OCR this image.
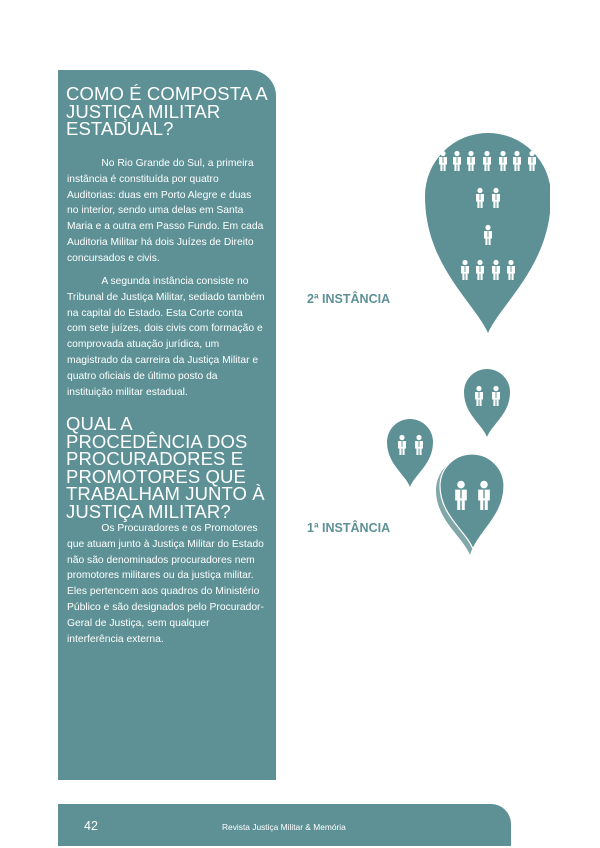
COMO É COMPOSTA A JUSTIÇA MILITAR ESTADUAL?

No Rio Grande do Sul, a primeira instância é constituída por quatro Auditorias: duas em Porto Alegre e duas no interior, sendo uma delas em Santa Maria e a outra em Passo Fundo. Em cada Auditoria Militar há dois Juízes de Direito concursados e civis.

A segunda instância consiste no Tribunal de Justiça Militar, sediado também na capital do Estado. Esta Corte conta com sete juízes, dois civis com formação e comprovada atuação jurídica, um magistrado da carreira da Justiça Militar e quatro oficiais de último posto da instituição militar estadual.

QUAL A PROCEDÊNCIA DOS PROCURADORES E PROMOTORES QUE TRABALHAM JUNTO À JUSTIÇA MILITAR?

Os Procuradores e os Promotores que atuam junto à Justiça Militar do Estado não são denominados procuradores nem promotores militares ou da justiça militar. Eles pertencem aos quadros do Ministério Público e são designados pelo Procurador-Geral de Justiça, sem qualquer interferência externa.

2ª INSTÂNCIA
1ª INSTÂNCIA
42	Revista Justiça Militar & Memória
